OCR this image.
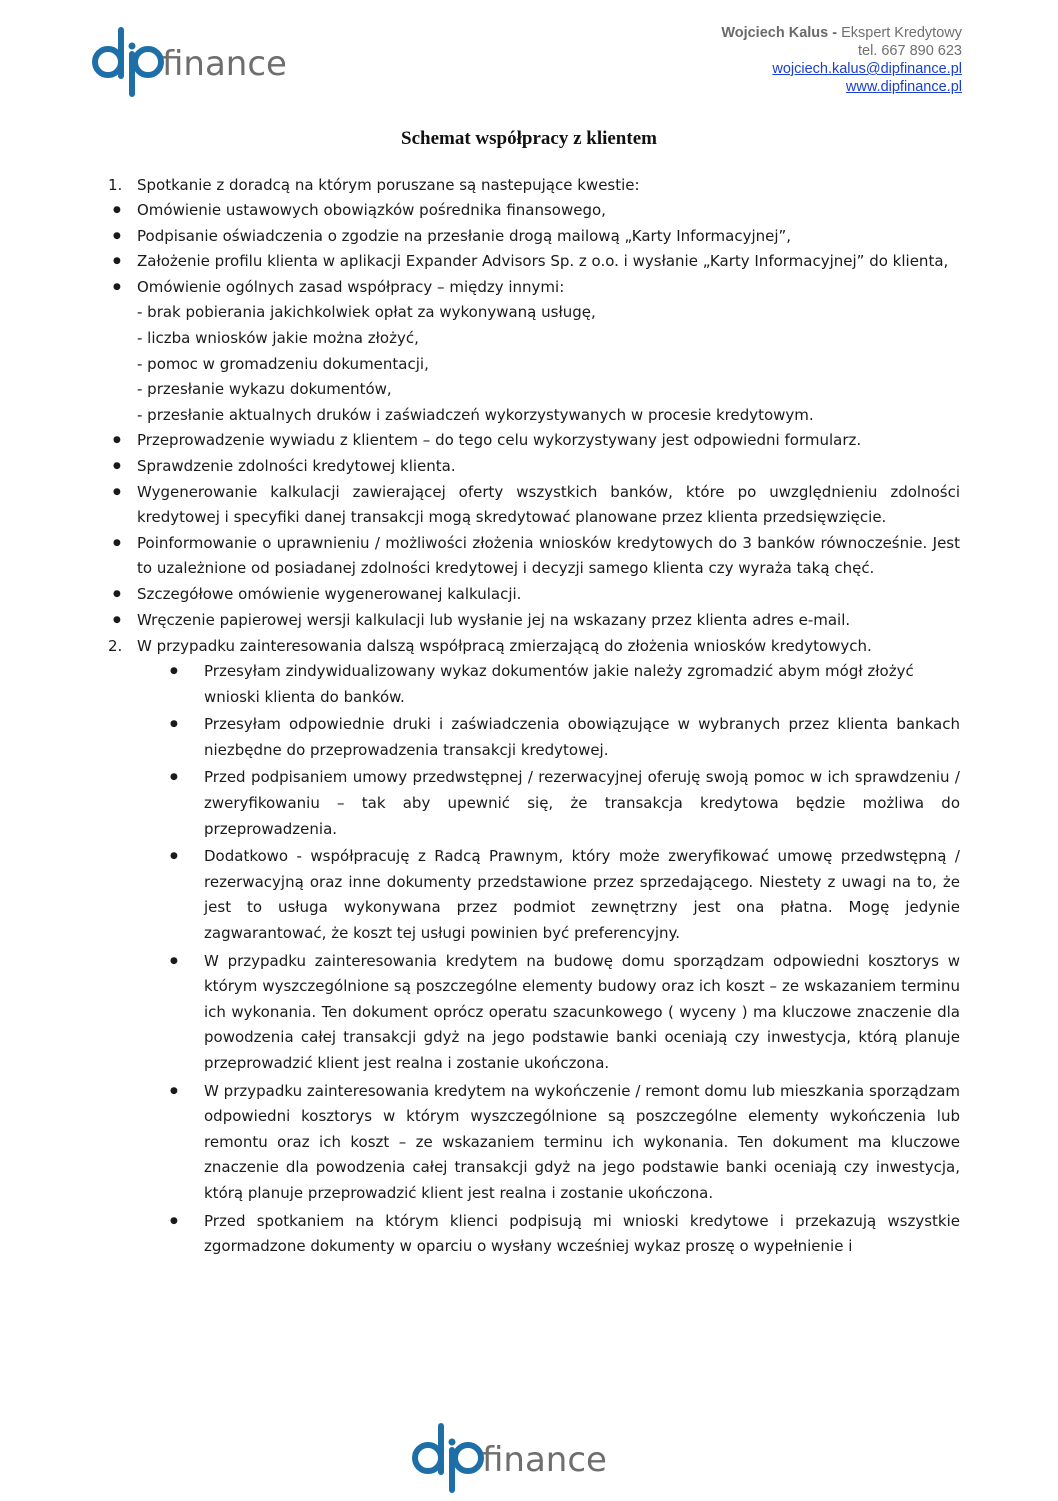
finance
Wojciech Kalus - Ekspert Kredytowy
tel. 667 890 623
wojciech.kalus@dipfinance.pl
www.dipfinance.pl
Schemat współpracy z klientem
1. Spotkanie z doradcą na którym poruszane są nastepujące kwestie:
● Omówienie ustawowych obowiązków pośrednika finansowego,
● Podpisanie oświadczenia o zgodzie na przesłanie drogą mailową „Karty Informacyjnej”,
● Założenie profilu klienta w aplikacji Expander Advisors Sp. z o.o. i wysłanie „Karty Informacyjnej” do klienta,
● Omówienie ogólnych zasad współpracy – między innymi:
- brak pobierania jakichkolwiek opłat za wykonywaną usługę,
- liczba wniosków jakie można złożyć,
- pomoc w gromadzeniu dokumentacji,
- przesłanie wykazu dokumentów,
- przesłanie aktualnych druków i zaświadczeń wykorzystywanych w procesie kredytowym.
● Przeprowadzenie wywiadu z klientem – do tego celu wykorzystywany jest odpowiedni formularz.
● Sprawdzenie zdolności kredytowej klienta.
● Wygenerowanie kalkulacji zawierającej oferty wszystkich banków, które po uwzględnieniu zdolności kredytowej i specyfiki danej transakcji mogą skredytować planowane przez klienta przedsięwzięcie.
● Poinformowanie o uprawnieniu / możliwości złożenia wniosków kredytowych do 3 banków równocześnie. Jest to uzależnione od posiadanej zdolności kredytowej i decyzji samego klienta czy wyraża taką chęć.
● Szczegółowe omówienie wygenerowanej kalkulacji.
● Wręczenie papierowej wersji kalkulacji lub wysłanie jej na wskazany przez klienta adres e-mail.
2. W przypadku zainteresowania dalszą współpracą zmierzającą do złożenia wniosków kredytowych.
● Przesyłam zindywidualizowany wykaz dokumentów jakie należy zgromadzić abym mógł złożyć wnioski klienta do banków.
● Przesyłam odpowiednie druki i zaświadczenia obowiązujące w wybranych przez klienta bankach niezbędne do przeprowadzenia transakcji kredytowej.
● Przed podpisaniem umowy przedwstępnej / rezerwacyjnej oferuję swoją pomoc w ich sprawdzeniu / zweryfikowaniu – tak aby upewnić się, że transakcja kredytowa będzie możliwa do przeprowadzenia.
● Dodatkowo - współpracuję z Radcą Prawnym, który może zweryfikować umowę przedwstępną / rezerwacyjną oraz inne dokumenty przedstawione przez sprzedającego. Niestety z uwagi na to, że jest to usługa wykonywana przez podmiot zewnętrzny jest ona płatna. Mogę jedynie zagwarantować, że koszt tej usługi powinien być preferencyjny.
● W przypadku zainteresowania kredytem na budowę domu sporządzam odpowiedni kosztorys w którym wyszczególnione są poszczególne elementy budowy oraz ich koszt – ze wskazaniem terminu ich wykonania. Ten dokument oprócz operatu szacunkowego ( wyceny ) ma kluczowe znaczenie dla powodzenia całej transakcji gdyż na jego podstawie banki oceniają czy inwestycja, którą planuje przeprowadzić klient jest realna i zostanie ukończona.
● W przypadku zainteresowania kredytem na wykończenie / remont domu lub mieszkania sporządzam odpowiedni kosztorys w którym wyszczególnione są poszczególne elementy wykończenia lub remontu oraz ich koszt – ze wskazaniem terminu ich wykonania. Ten dokument ma kluczowe znaczenie dla powodzenia całej transakcji gdyż na jego podstawie banki oceniają czy inwestycja, którą planuje przeprowadzić klient jest realna i zostanie ukończona.
● Przed spotkaniem na którym klienci podpisują mi wnioski kredytowe i przekazują wszystkie zgormadzone dokumenty w oparciu o wysłany wcześniej wykaz proszę o wypełnienie i
finance
